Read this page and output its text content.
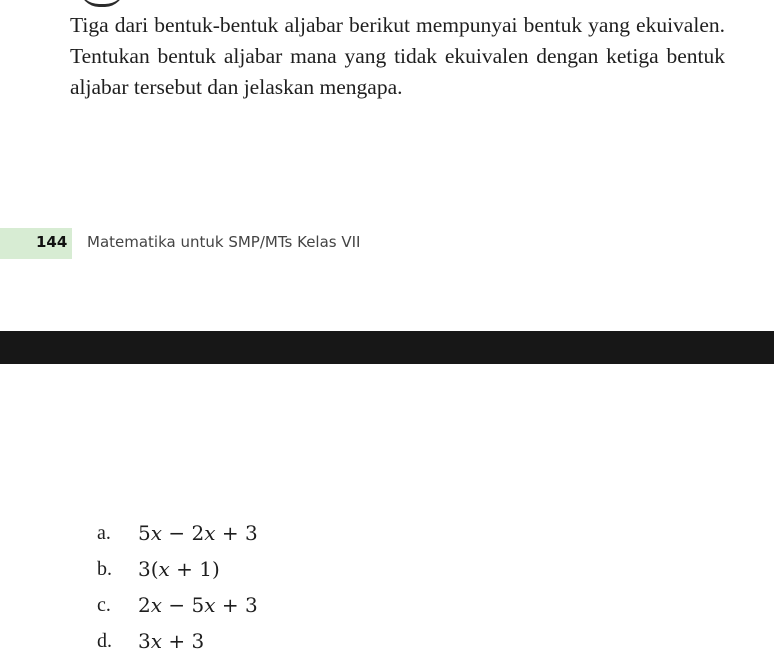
Tiga dari bentuk-bentuk aljabar berikut mempunyai bentuk yang ekuivalen. Tentukan bentuk aljabar mana yang tidak ekuivalen dengan ketiga bentuk aljabar tersebut dan jelaskan mengapa.

144 Matematika untuk SMP/MTs Kelas VII
a.	5x − 2x + 3
b.	3(x + 1)
c.	2x − 5x + 3
d.	3x + 3
